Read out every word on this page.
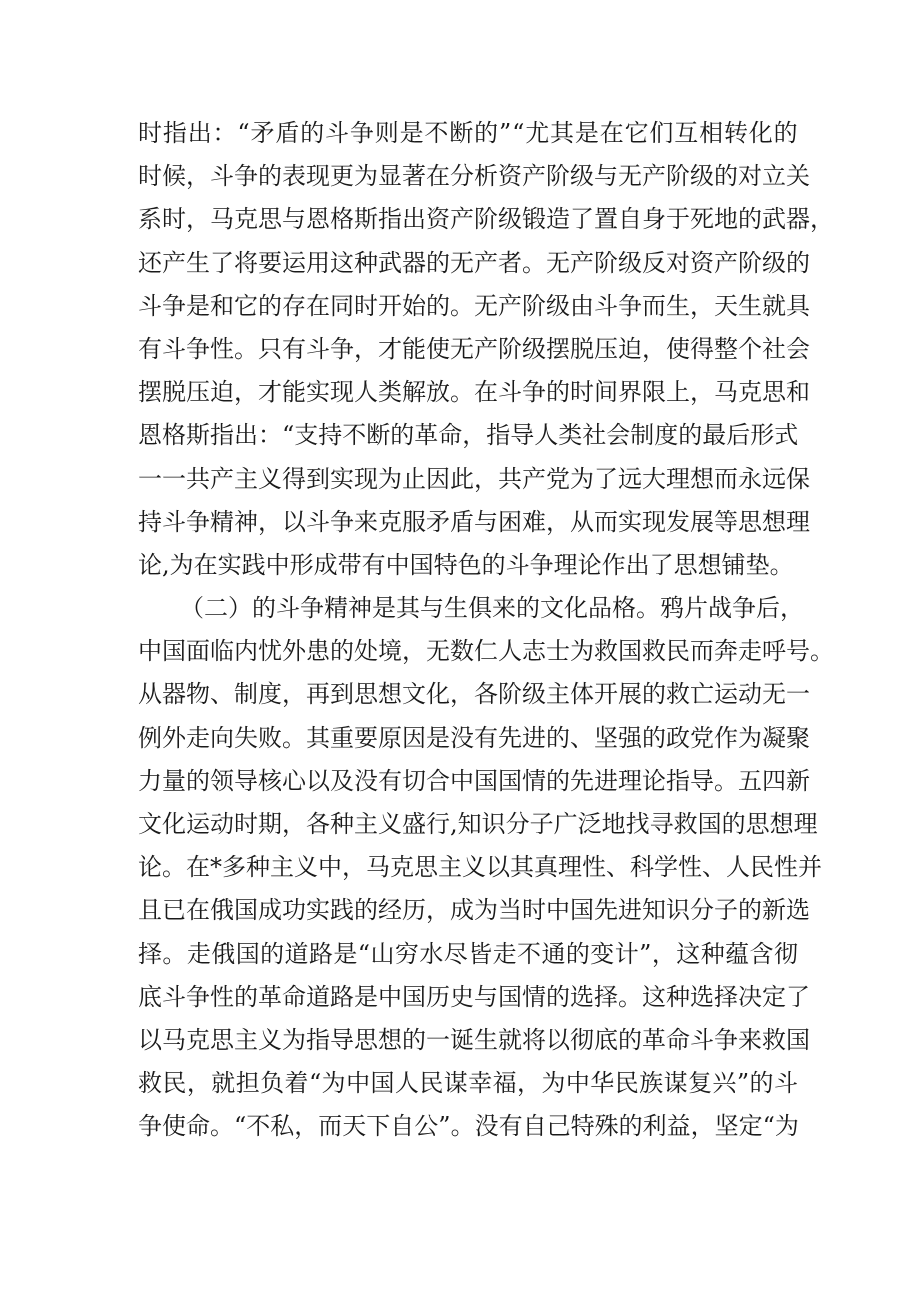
时 指 出 ： “ 矛 盾 的 斗 争 则 是 不 断 的 ” “ 尤 其 是 在 它 们 互 相 转 化 的
时 候 ， 斗 争 的 表 现 更 为 显 著 在 分 析 资 产 阶 级 与 无 产 阶 级 的 对 立 关
系 时 ， 马 克 思 与 恩 格 斯 指 出 资 产 阶 级 锻 造 了 置 自 身 于 死 地 的 武 器 ，
还 产 生 了 将 要 运 用 这 种 武 器 的 无 产 者 。 无 产 阶 级 反 对 资 产 阶 级 的
斗 争 是 和 它 的 存 在 同 时 开 始 的 。 无 产 阶 级 由 斗 争 而 生 ， 天 生 就 具
有 斗 争 性 。 只 有 斗 争 ， 才 能 使 无 产 阶 级 摆 脱 压 迫 ， 使 得 整 个 社 会
摆 脱 压 迫 ， 才 能 实 现 人 类 解 放 。 在 斗 争 的 时 间 界 限 上 ， 马 克 思 和
恩 格 斯 指 出 ： “ 支 持 不 断 的 革 命 ， 指 导 人 类 社 会 制 度 的 最 后 形 式
一 一 共 产 主 义 得 到 实 现 为 止 因 此 ， 共 产 党 为 了 远 大 理 想 而 永 远 保
持 斗 争 精 神 ， 以 斗 争 来 克 服 矛 盾 与 困 难 ， 从 而 实 现 发 展 等 思 想 理
论,为在实践中形成带有中国特色的斗争理论作出了思想铺垫。
（ 二 ） 的 斗 争 精 神 是 其 与 生 俱 来 的 文 化 品 格 。 鸦 片 战 争 后 ，
中 国 面 临 内 忧 外 患 的 处 境 ， 无 数 仁 人 志 士 为 救 国 救 民 而 奔 走 呼 号 。
从 器 物 、 制 度 ， 再 到 思 想 文 化 ， 各 阶 级 主 体 开 展 的 救 亡 运 动 无 一
例 外 走 向 失 败 。 其 重 要 原 因 是 没 有 先 进 的 、 坚 强 的 政 党 作 为 凝 聚
力 量 的 领 导 核 心 以 及 没 有 切 合 中 国 国 情 的 先 进 理 论 指 导 。 五 四 新
文 化 运 动 时 期 ， 各 种 主 义 盛 行 , 知 识 分 子 广 泛 地 找 寻 救 国 的 思 想 理
论 。 在 * 多 种 主 义 中 ， 马 克 思 主 义 以 其 真 理 性 、 科 学 性 、 人 民 性 并
且 已 在 俄 国 成 功 实 践 的 经 历 ， 成 为 当 时 中 国 先 进 知 识 分 子 的 新 选
择 。 走 俄 国 的 道 路 是 “ 山 穷 水 尽 皆 走 不 通 的 变 计 ” ， 这 种 蕴 含 彻
底 斗 争 性 的 革 命 道 路 是 中 国 历 史 与 国 情 的 选 择 。 这 种 选 择 决 定 了
以 马 克 思 主 义 为 指 导 思 想 的 一 诞 生 就 将 以 彻 底 的 革 命 斗 争 来 救 国
救 民 ， 就 担 负 着 “ 为 中 国 人 民 谋 幸 福 ， 为 中 华 民 族 谋 复 兴 ” 的 斗
争 使 命 。 “ 不 私 ， 而 天 下 自 公 ” 。 没 有 自 己 特 殊 的 利 益 ， 坚 定 “ 为
